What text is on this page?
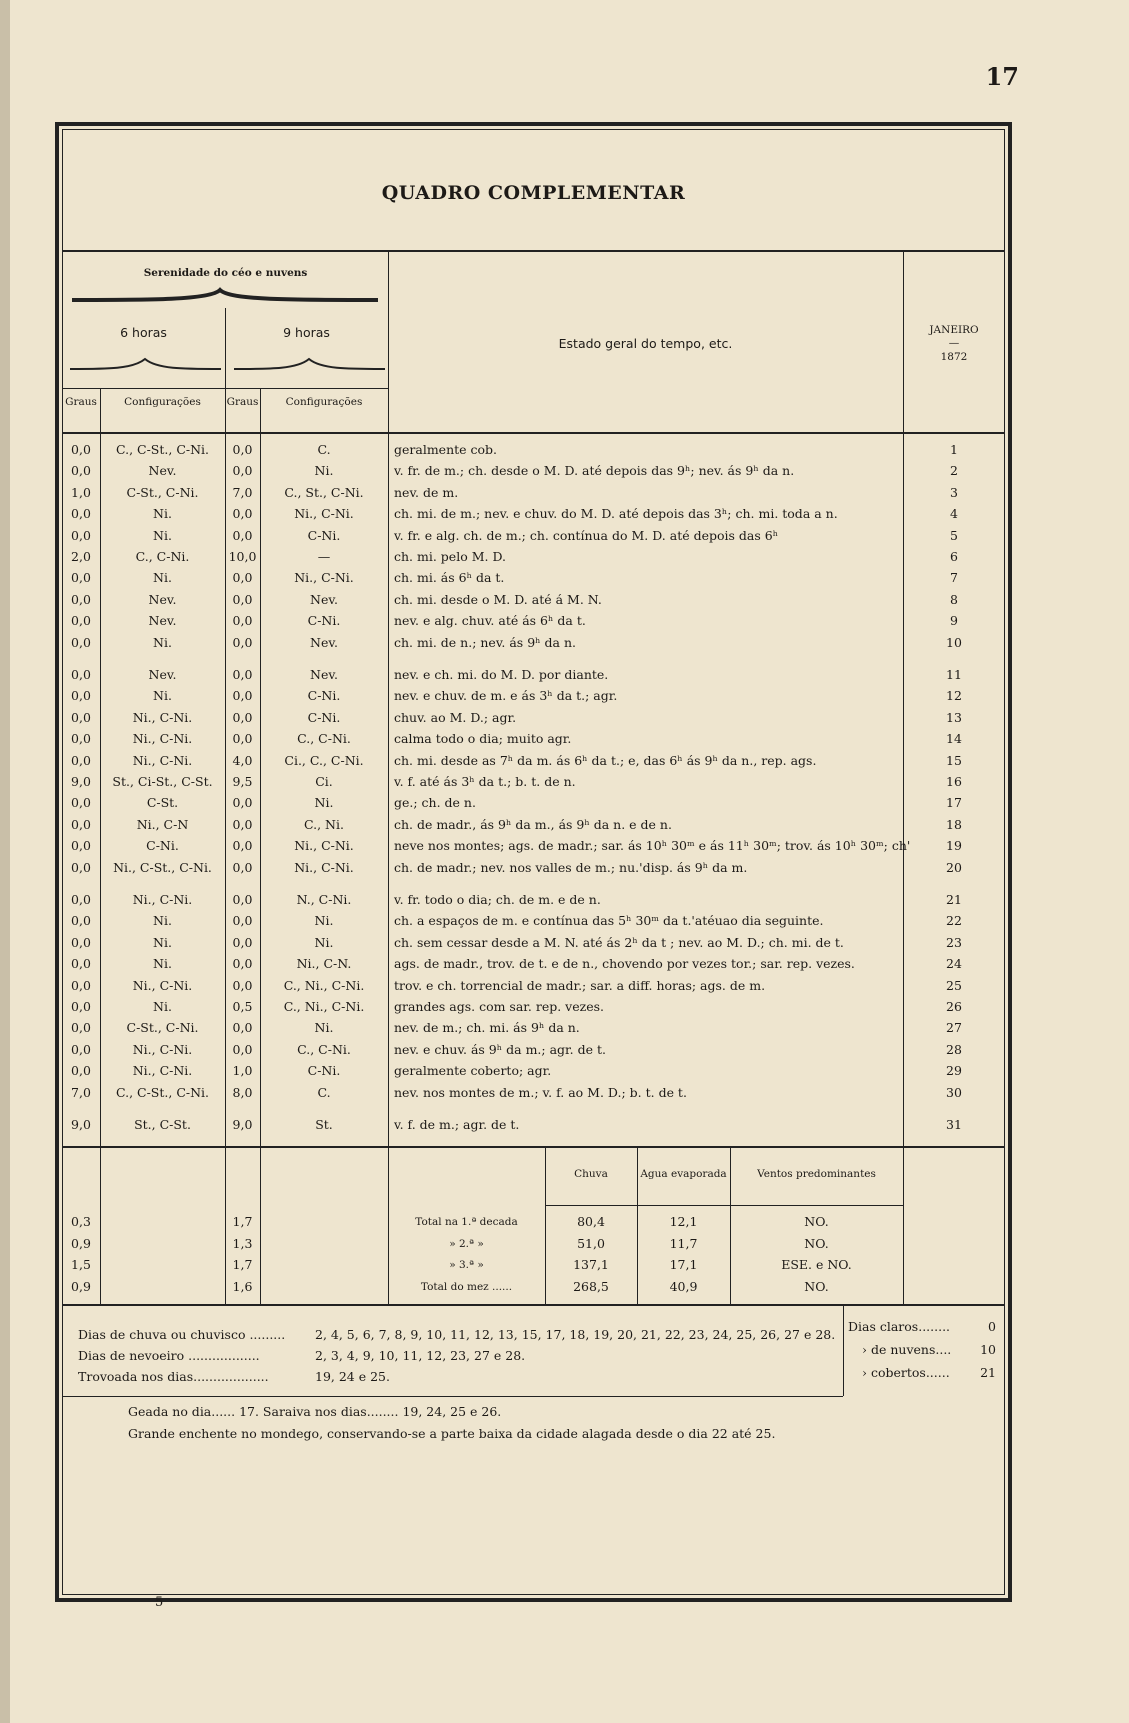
17
QUADRO COMPLEMENTAR
Serenidade do céo e nuvens
6 horas	9 horas
Graus	Configurações	Graus	Configurações
Estado geral do tempo, etc.
JANEIRO
—
1872
0,0	C., C-St., C-Ni.	0,0	C.	geralmente cob.	1
0,0	Nev.	0,0	Ni.	v. fr. de m.; ch. desde o M. D. até depois das 9ʰ; nev. ás 9ʰ da n.	2
1,0	C-St., C-Ni.	7,0	C., St., C-Ni.	nev. de m.	3
0,0	Ni.	0,0	Ni., C-Ni.	ch. mi. de m.; nev. e chuv. do M. D. até depois das 3ʰ; ch. mi. toda a n.	4
0,0	Ni.	0,0	C-Ni.	v. fr. e alg. ch. de m.; ch. contínua do M. D. até depois das 6ʰ	5
2,0	C., C-Ni.	10,0	—	ch. mi. pelo M. D.	6
0,0	Ni.	0,0	Ni., C-Ni.	ch. mi. ás 6ʰ da t.	7
0,0	Nev.	0,0	Nev.	ch. mi. desde o M. D. até á M. N.	8
0,0	Nev.	0,0	C-Ni.	nev. e alg. chuv. até ás 6ʰ da t.	9
0,0	Ni.	0,0	Nev.	ch. mi. de n.; nev. ás 9ʰ da n.	10
0,0	Nev.	0,0	Nev.	nev. e ch. mi. do M. D. por diante.	11
0,0	Ni.	0,0	C-Ni.	nev. e chuv. de m. e ás 3ʰ da t.; agr.	12
0,0	Ni., C-Ni.	0,0	C-Ni.	chuv. ao M. D.; agr.	13
0,0	Ni., C-Ni.	0,0	C., C-Ni.	calma todo o dia; muito agr.	14
0,0	Ni., C-Ni.	4,0	Ci., C., C-Ni.	ch. mi. desde as 7ʰ da m. ás 6ʰ da t.; e, das 6ʰ ás 9ʰ da n., rep. ags.	15
9,0	St., Ci-St., C-St.	9,5	Ci.	v. f. até ás 3ʰ da t.; b. t. de n.	16
0,0	C-St.	0,0	Ni.	ge.; ch. de n.	17
0,0	Ni., C-N	0,0	C., Ni.	ch. de madr., ás 9ʰ da m., ás 9ʰ da n. e de n.	18
0,0	C-Ni.	0,0	Ni., C-Ni.	neve nos montes; ags. de madr.; sar. ás 10ʰ 30ᵐ e ás 11ʰ 30ᵐ; trov. ás 10ʰ 30ᵐ; ch'	19
0,0	Ni., C-St., C-Ni.	0,0	Ni., C-Ni.	ch. de madr.; nev. nos valles de m.; nu.'disp. ás 9ʰ da m.	20
0,0	Ni., C-Ni.	0,0	N., C-Ni.	v. fr. todo o dia; ch. de m. e de n.	21
0,0	Ni.	0,0	Ni.	ch. a espaços de m. e contínua das 5ʰ 30ᵐ da t.'atéuao dia seguinte.	22
0,0	Ni.	0,0	Ni.	ch. sem cessar desde a M. N. até ás 2ʰ da t ; nev. ao M. D.; ch. mi. de t.	23
0,0	Ni.	0,0	Ni., C-N.	ags. de madr., trov. de t. e de n., chovendo por vezes tor.; sar. rep. vezes.	24
0,0	Ni., C-Ni.	0,0	C., Ni., C-Ni.	trov. e ch. torrencial de madr.; sar. a diff. horas; ags. de m.	25
0,0	Ni.	0,5	C., Ni., C-Ni.	grandes ags. com sar. rep. vezes.	26
0,0	C-St., C-Ni.	0,0	Ni.	nev. de m.; ch. mi. ás 9ʰ da n.	27
0,0	Ni., C-Ni.	0,0	C., C-Ni.	nev. e chuv. ás 9ʰ da m.; agr. de t.	28
0,0	Ni., C-Ni.	1,0	C-Ni.	geralmente coberto; agr.	29
7,0	C., C-St., C-Ni.	8,0	C.	nev. nos montes de m.; v. f. ao M. D.; b. t. de t.	30
9,0	St., C-St.	9,0	St.	v. f. de m.; agr. de t.	31
Chuva	Agua evaporada	Ventos predominantes
0,3	1,7	Total na 1.ª decada	80,4	12,1	NO.
0,9	1,3	» 2.ª »	51,0	11,7	NO.
1,5	1,7	» 3.ª »	137,1	17,1	ESE. e NO.
0,9	1,6	Total do mez ......	268,5	40,9	NO.
Dias de chuva ou chuvisco ......... 2, 4, 5, 6, 7, 8, 9, 10, 11, 12, 13, 15, 17, 18, 19, 20, 21, 22, 23, 24, 25, 26, 27 e 28.
Dias de nevoeiro ..................	2, 3, 4, 9, 10, 11, 12, 23, 27 e 28.
Trovoada nos dias...................	19, 24 e 25.
Dias claros........	0
› de nuvens....	10
› cobertos......	21
Geada no dia...... 17. Saraiva nos dias........ 19, 24, 25 e 26.
Grande enchente no mondego, conservando-se a parte baixa da cidade alagada desde o dia 22 até 25.
5
